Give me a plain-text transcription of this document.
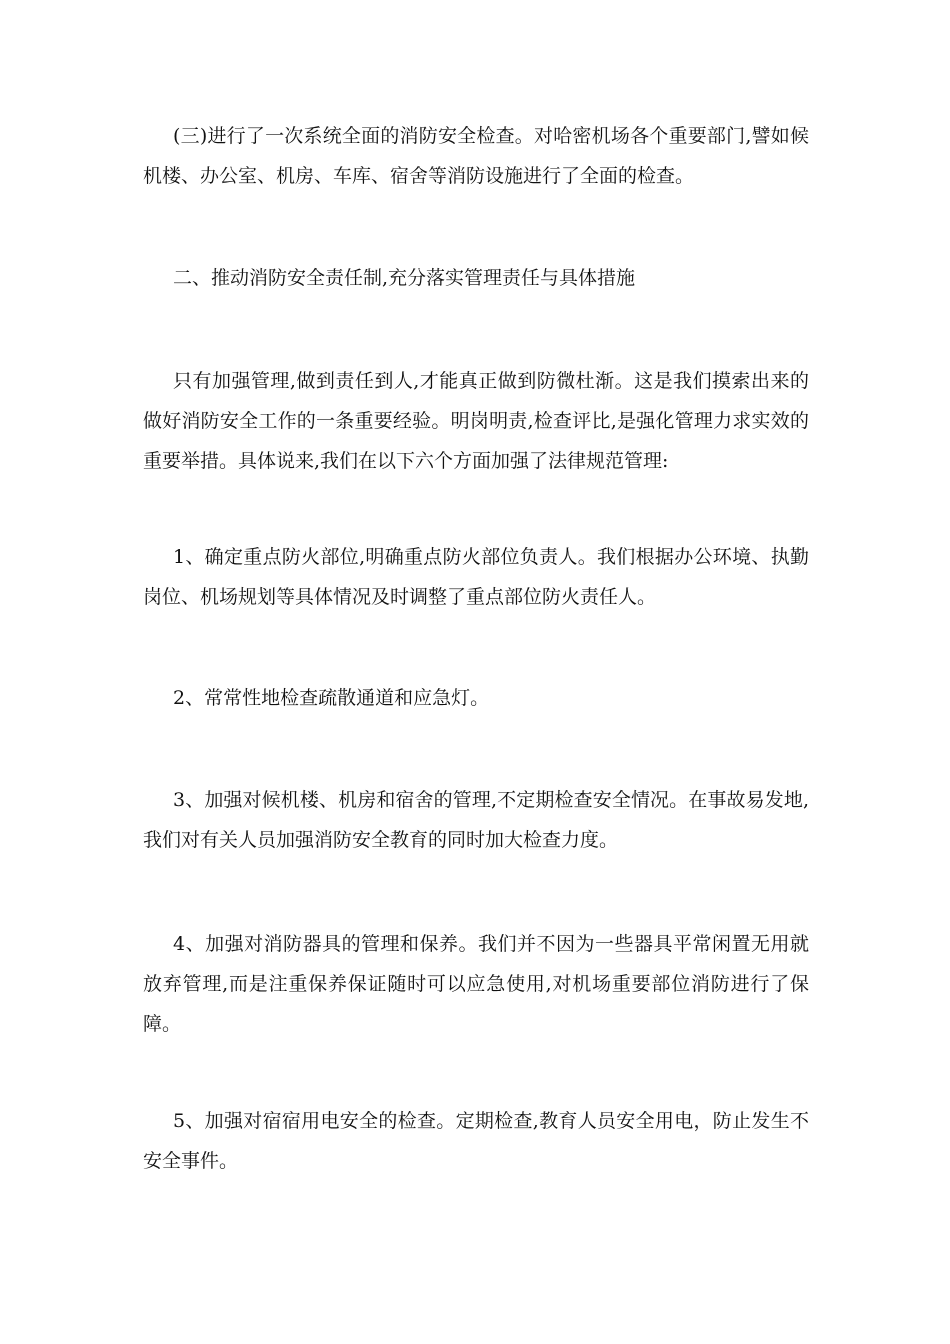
(三)进行了一次系统全面的消防安全检查。对哈密机场各个重要部门,譬如候机楼、办公室、机房、车库、宿舍等消防设施进行了全面的检查。

二、推动消防安全责任制,充分落实管理责任与具体措施

只有加强管理,做到责任到人,才能真正做到防微杜渐。这是我们摸索出来的做好消防安全工作的一条重要经验。明岗明责,检查评比,是强化管理力求实效的重要举措。具体说来,我们在以下六个方面加强了法律规范管理:

1、确定重点防火部位,明确重点防火部位负责人。我们根据办公环境、执勤岗位、机场规划等具体情况及时调整了重点部位防火责任人。

2、常常性地检查疏散通道和应急灯。

3、加强对候机楼、机房和宿舍的管理,不定期检查安全情况。在事故易发地,我们对有关人员加强消防安全教育的同时加大检查力度。

4、加强对消防器具的管理和保养。我们并不因为一些器具平常闲置无用就放弃管理,而是注重保养保证随时可以应急使用,对机场重要部位消防进行了保障。

5、加强对宿宿用电安全的检查。定期检查,教育人员安全用电，防止发生不安全事件。
